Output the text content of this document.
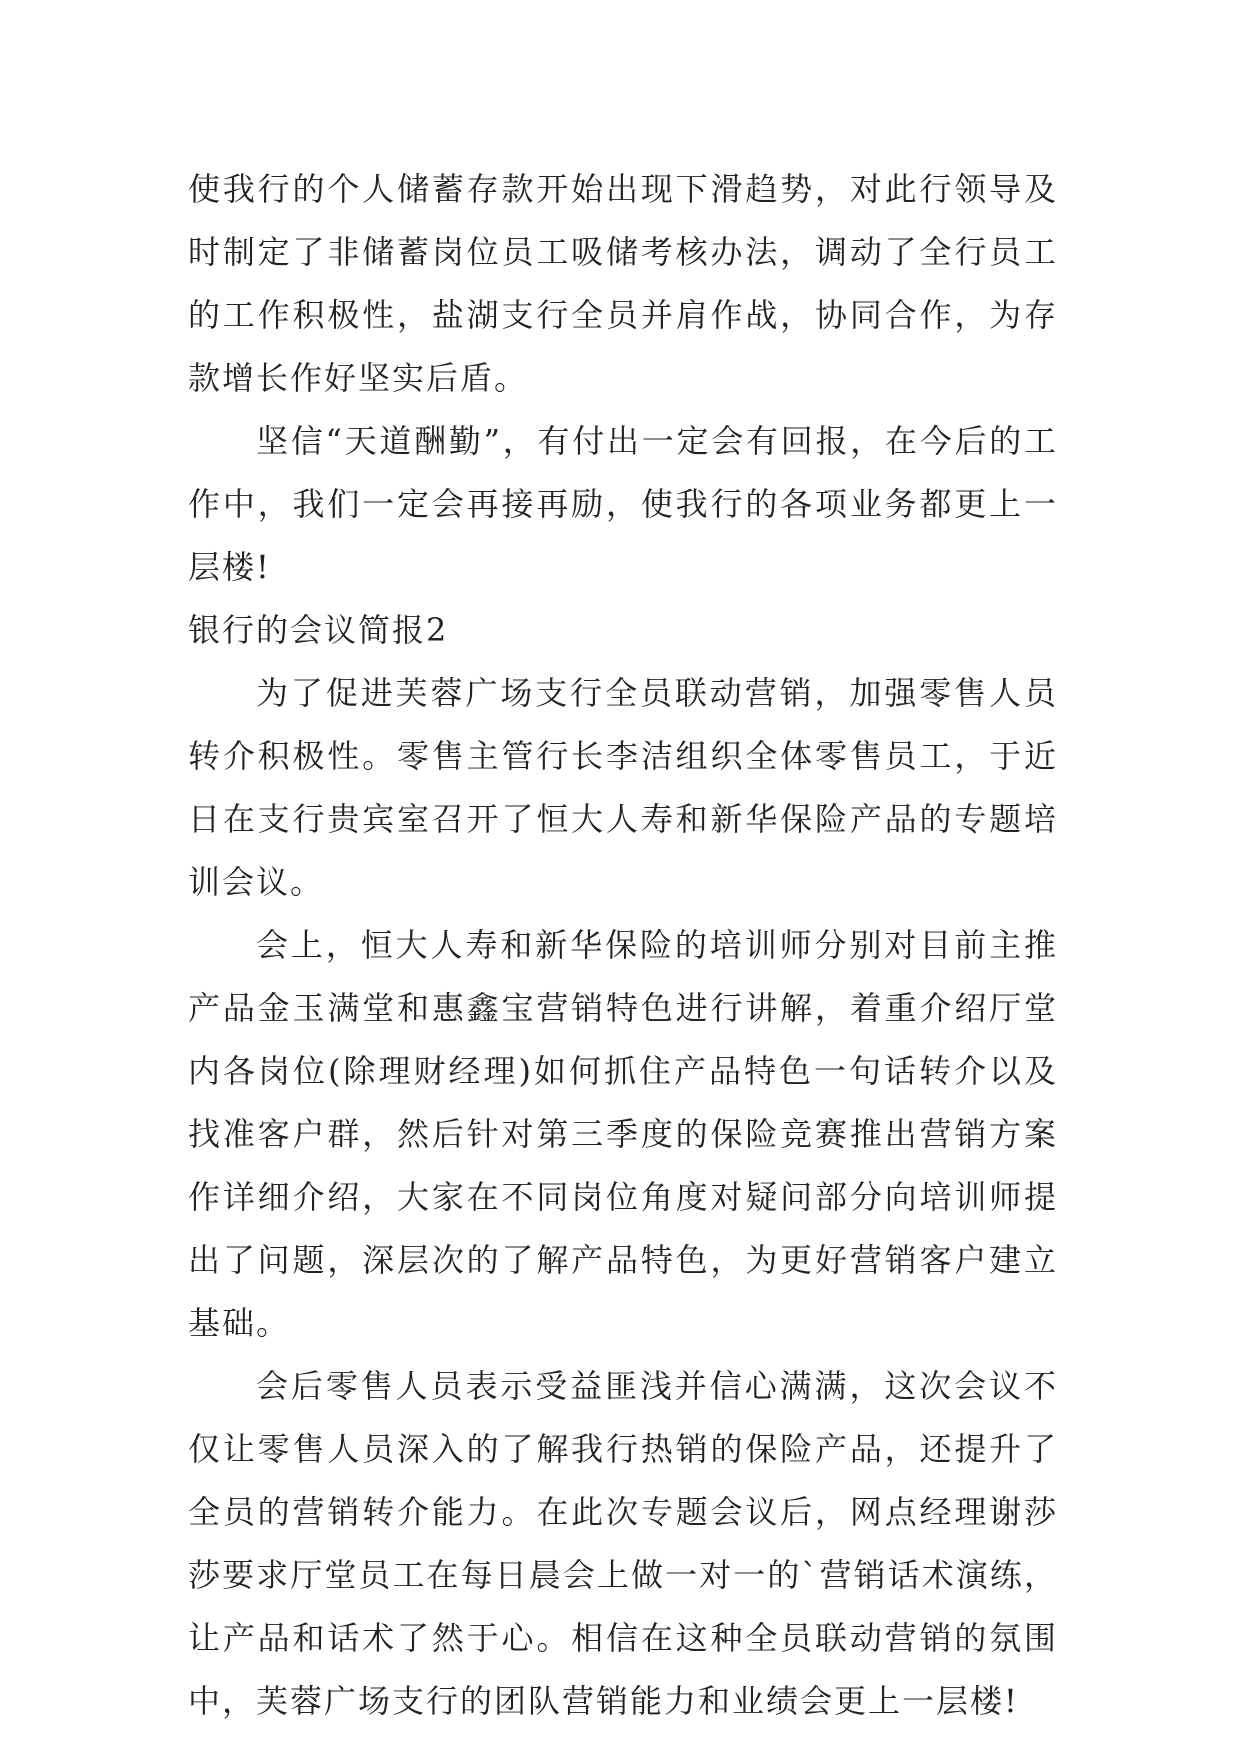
使我行的个人储蓄存款开始出现下滑趋势，对此行领导及时制定了非储蓄岗位员工吸储考核办法，调动了全行员工的工作积极性，盐湖支行全员并肩作战，协同合作，为存款增长作好坚实后盾。

坚信“天道酬勤”，有付出一定会有回报，在今后的工作中，我们一定会再接再励，使我行的各项业务都更上一层楼!

银行的会议简报2

为了促进芙蓉广场支行全员联动营销，加强零售人员转介积极性。零售主管行长李洁组织全体零售员工，于近日在支行贵宾室召开了恒大人寿和新华保险产品的专题培训会议。

会上，恒大人寿和新华保险的培训师分别对目前主推产品金玉满堂和惠鑫宝营销特色进行讲解，着重介绍厅堂内各岗位(除理财经理)如何抓住产品特色一句话转介以及找准客户群，然后针对第三季度的保险竞赛推出营销方案作详细介绍，大家在不同岗位角度对疑问部分向培训师提出了问题，深层次的了解产品特色，为更好营销客户建立基础。

会后零售人员表示受益匪浅并信心满满，这次会议不仅让零售人员深入的了解我行热销的保险产品，还提升了全员的营销转介能力。在此次专题会议后，网点经理谢莎莎要求厅堂员工在每日晨会上做一对一的`营销话术演练，让产品和话术了然于心。相信在这种全员联动营销的氛围中，芙蓉广场支行的团队营销能力和业绩会更上一层楼!
